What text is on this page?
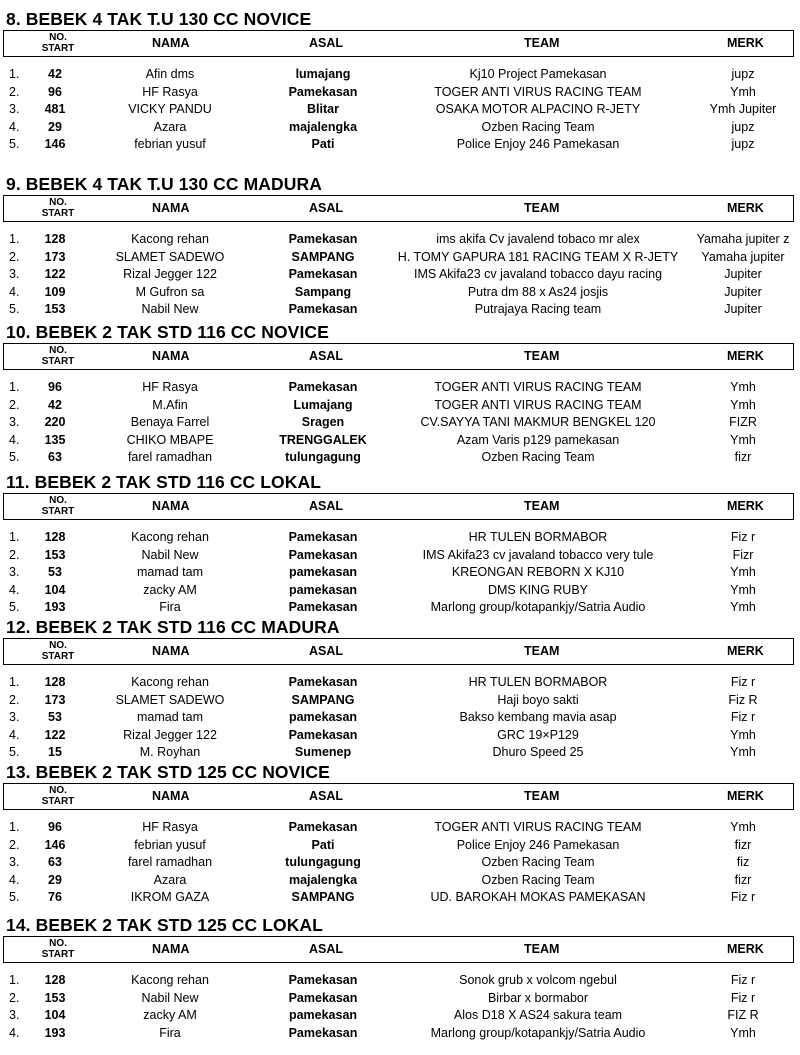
8. BEBEK 4 TAK T.U 130 CC NOVICE
NO.
START	NAMA	ASAL	TEAM	MERK
1.	42	Afin dms	lumajang	Kj10 Project Pamekasan	jupz
2.	96	HF Rasya	Pamekasan	TOGER ANTI VIRUS RACING TEAM	Ymh
3.	481	VICKY PANDU	Blitar	OSAKA MOTOR ALPACINO R-JETY	Ymh Jupiter
4.	29	Azara	majalengka	Ozben Racing Team	jupz
5.	146	febrian yusuf	Pati	Police Enjoy 246 Pamekasan	jupz
9. BEBEK 4 TAK T.U 130 CC MADURA
NO.
START	NAMA	ASAL	TEAM	MERK
1.	128	Kacong rehan	Pamekasan	ims akifa Cv javalend tobaco mr alex	Yamaha jupiter z
2.	173	SLAMET SADEWO	SAMPANG	H. TOMY GAPURA 181 RACING TEAM X R-JETY	Yamaha jupiter
3.	122	Rizal Jegger 122	Pamekasan	IMS Akifa23 cv javaland tobacco dayu racing	Jupiter
4.	109	M Gufron sa	Sampang	Putra dm 88 x As24 josjis	Jupiter
5.	153	Nabil New	Pamekasan	Putrajaya Racing team	Jupiter
10. BEBEK 2 TAK STD 116 CC NOVICE
NO.
START	NAMA	ASAL	TEAM	MERK
1.	96	HF Rasya	Pamekasan	TOGER ANTI VIRUS RACING TEAM	Ymh
2.	42	M.Afin	Lumajang	TOGER ANTI VIRUS RACING TEAM	Ymh
3.	220	Benaya Farrel	Sragen	CV.SAYYA TANI MAKMUR BENGKEL 120	FIZR
4.	135	CHIKO MBAPE	TRENGGALEK	Azam Varis p129 pamekasan	Ymh
5.	63	farel ramadhan	tulungagung	Ozben Racing Team	fizr
11. BEBEK 2 TAK STD 116 CC LOKAL
NO.
START	NAMA	ASAL	TEAM	MERK
1.	128	Kacong rehan	Pamekasan	HR TULEN BORMABOR	Fiz r
2.	153	Nabil New	Pamekasan	IMS Akifa23 cv javaland tobacco very tule	Fizr
3.	53	mamad tam	pamekasan	KREONGAN REBORN X KJ10	Ymh
4.	104	zacky AM	pamekasan	DMS KING RUBY	Ymh
5.	193	Fira	Pamekasan	Marlong group/kotapankjy/Satria Audio	Ymh
12. BEBEK 2 TAK STD 116 CC MADURA
NO.
START	NAMA	ASAL	TEAM	MERK
1.	128	Kacong rehan	Pamekasan	HR TULEN BORMABOR	Fiz r
2.	173	SLAMET SADEWO	SAMPANG	Haji boyo sakti	Fiz R
3.	53	mamad tam	pamekasan	Bakso kembang mavia asap	Fiz r
4.	122	Rizal Jegger 122	Pamekasan	GRC 19×P129	Ymh
5.	15	M. Royhan	Sumenep	Dhuro Speed 25	Ymh
13. BEBEK 2 TAK STD 125 CC NOVICE
NO.
START	NAMA	ASAL	TEAM	MERK
1.	96	HF Rasya	Pamekasan	TOGER ANTI VIRUS RACING TEAM	Ymh
2.	146	febrian yusuf	Pati	Police Enjoy 246 Pamekasan	fizr
3.	63	farel ramadhan	tulungagung	Ozben Racing Team	fiz
4.	29	Azara	majalengka	Ozben Racing Team	fizr
5.	76	IKROM GAZA	SAMPANG	UD. BAROKAH MOKAS PAMEKASAN	Fiz r
14. BEBEK 2 TAK STD 125 CC LOKAL
NO.
START	NAMA	ASAL	TEAM	MERK
1.	128	Kacong rehan	Pamekasan	Sonok grub x volcom ngebul	Fiz r
2.	153	Nabil New	Pamekasan	Birbar x bormabor	Fiz r
3.	104	zacky AM	pamekasan	Alos D18 X AS24 sakura team	FIZ R
4.	193	Fira	Pamekasan	Marlong group/kotapankjy/Satria Audio	Ymh
